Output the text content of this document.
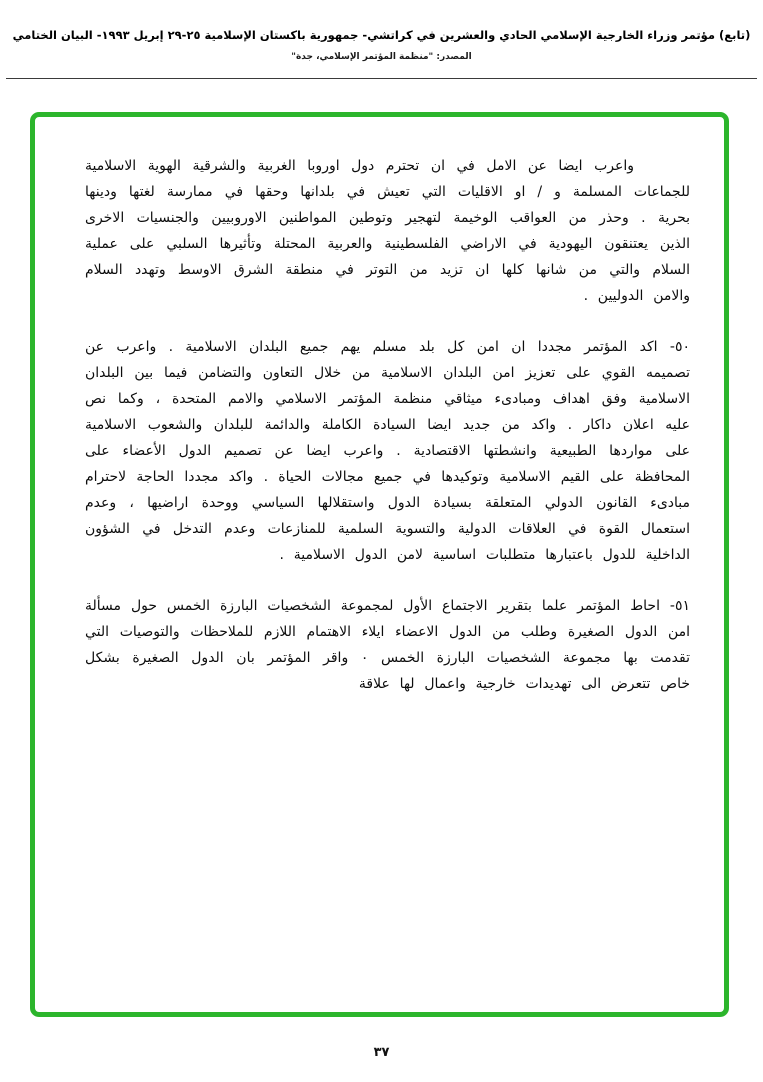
(تابع) مؤتمر وزراء الخارجية الإسلامي الحادي والعشرين في كراتشي- جمهورية باكستان الإسلامية ٢٥-٢٩ إبريل ١٩٩٣- البيان الختامي
المصدر: "منظمة المؤتمر الإسلامي، جدة"

واعرب ايضا عن الامل في ان تحترم دول اوروبا الغربية والشرقية الهوية الاسلامية للجماعات المسلمة و / او الاقليات التي تعيش في بلدانها وحقها في ممارسة لغتها ودينها بحرية . وحذر من العواقب الوخيمة لتهجير وتوطين المواطنين الاوروبيين والجنسيات الاخرى الذين يعتنقون اليهودية في الاراضي الفلسطينية والعربية المحتلة وتأثيرها السلبي على عملية السلام والتي من شانها كلها ان تزيد من التوتر في منطقة الشرق الاوسط وتهدد السلام والامن الدوليين .

٥٠- اكد المؤتمر مجددا ان امن كل بلد مسلم يهم جميع البلدان الاسلامية . واعرب عن تصميمه القوي على تعزيز امن البلدان الاسلامية من خلال التعاون والتضامن فيما بين البلدان الاسلامية وفق اهداف ومبادىء ميثاقي منظمة المؤتمر الاسلامي والامم المتحدة ، وكما نص عليه اعلان داكار . واكد من جديد ايضا السيادة الكاملة والدائمة للبلدان والشعوب الاسلامية على مواردها الطبيعية وانشطتها الاقتصادية . واعرب ايضا عن تصميم الدول الأعضاء على المحافظة على القيم الاسلامية وتوكيدها في جميع مجالات الحياة . واكد مجددا الحاجة لاحترام مبادىء القانون الدولي المتعلقة بسيادة الدول واستقلالها السياسي ووحدة اراضيها ، وعدم استعمال القوة في العلاقات الدولية والتسوية السلمية للمنازعات وعدم التدخل في الشؤون الداخلية للدول باعتبارها متطلبات اساسية لامن الدول الاسلامية .

٥١- احاط المؤتمر علما بتقرير الاجتماع الأول لمجموعة الشخصيات البارزة الخمس حول مسألة امن الدول الصغيرة وطلب من الدول الاعضاء ايلاء الاهتمام اللازم للملاحظات والتوصيات التي تقدمت بها مجموعة الشخصيات البارزة الخمس ٠ واقر المؤتمر بان الدول الصغيرة بشكل خاص تتعرض الى تهديدات خارجية واعمال لها علاقة

٣٧
